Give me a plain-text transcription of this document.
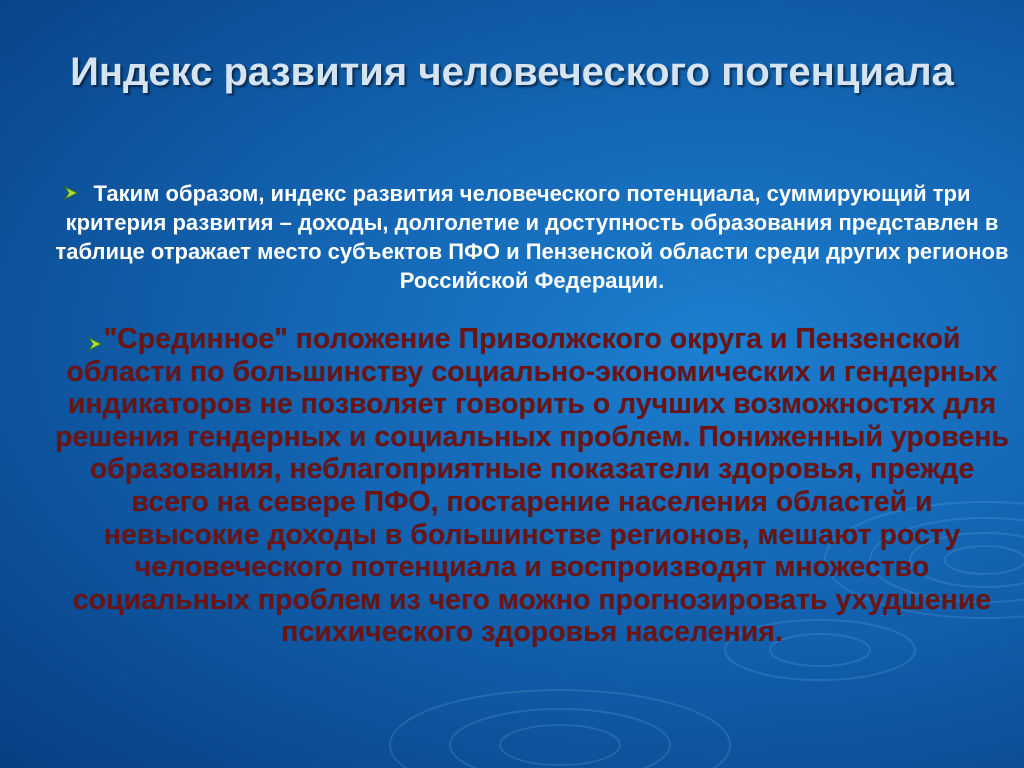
Индекс развития человеческого потенциала
Таким образом, индекс развития человеческого потенциала, суммирующий три критерия развития – доходы, долголетие и доступность образования представлен в таблице отражает место субъектов ПФО и Пензенской области среди других регионов Российской Федерации.
"Срединное" положение Приволжского округа и Пензенской области по большинству социально-экономических и гендерных индикаторов не позволяет говорить о лучших возможностях для решения гендерных и социальных проблем. Пониженный уровень образования, неблагоприятные показатели здоровья, прежде всего на севере ПФО, постарение населения областей и невысокие доходы в большинстве регионов, мешают росту человеческого потенциала и воспроизводят множество социальных проблем из чего можно прогнозировать ухудшение психического здоровья населения.
